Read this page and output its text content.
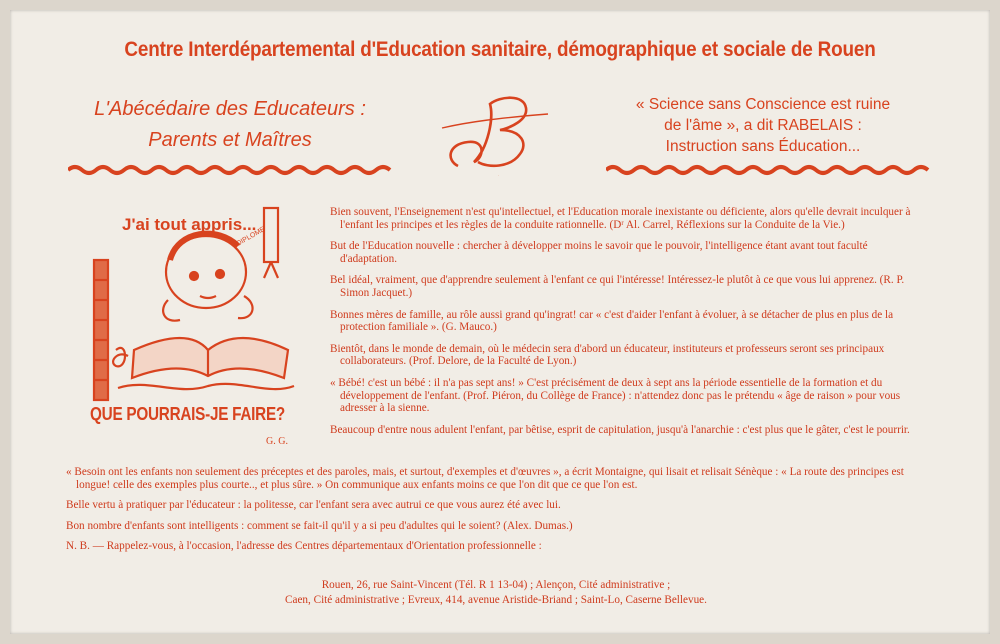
Centre Interdépartemental d'Education sanitaire, démographique et sociale de Rouen
L'Abécédaire des Educateurs :
Parents et Maîtres
B
« Science sans Conscience est ruine
de l'âme », a dit RABELAIS :
Instruction sans Éducation...
J'ai tout appris...
DIPLOME
QUE POURRAIS-JE FAIRE?
G. G.

Bien souvent, l'Enseignement n'est qu'intellectuel, et l'Education morale inexistante ou déficiente, alors qu'elle devrait inculquer à l'enfant les principes et les règles de la conduite rationnelle. (Dʳ Al. Carrel, Réflexions sur la Conduite de la Vie.)

But de l'Education nouvelle : chercher à développer moins le savoir que le pouvoir, l'intelligence étant avant tout faculté d'adaptation.

Bel idéal, vraiment, que d'apprendre seulement à l'enfant ce qui l'intéresse! Intéressez-le plutôt à ce que vous lui apprenez. (R. P. Simon Jacquet.)

Bonnes mères de famille, au rôle aussi grand qu'ingrat! car « c'est d'aider l'enfant à évoluer, à se détacher de plus en plus de la protection familiale ». (G. Mauco.)

Bientôt, dans le monde de demain, où le médecin sera d'abord un éducateur, instituteurs et professeurs seront ses principaux collaborateurs. (Prof. Delore, de la Faculté de Lyon.)

« Bébé! c'est un bébé : il n'a pas sept ans! » C'est précisément de deux à sept ans la période essentielle de la formation et du développement de l'enfant. (Prof. Piéron, du Collège de France) : n'attendez donc pas le prétendu « âge de raison » pour vous adresser à la sienne.

Beaucoup d'entre nous adulent l'enfant, par bêtise, esprit de capitulation, jusqu'à l'anarchie : c'est plus que le gâter, c'est le pourrir.

« Besoin ont les enfants non seulement des préceptes et des paroles, mais, et surtout, d'exemples et d'œuvres », a écrit Montaigne, qui lisait et relisait Sénèque : « La route des principes est longue! celle des exemples plus courte.., et plus sûre. » On communique aux enfants moins ce que l'on dit que ce que l'on est.

Belle vertu à pratiquer par l'éducateur : la politesse, car l'enfant sera avec autrui ce que vous aurez été avec lui.

Bon nombre d'enfants sont intelligents : comment se fait-il qu'il y a si peu d'adultes qui le soient? (Alex. Dumas.)

N. B. — Rappelez-vous, à l'occasion, l'adresse des Centres départementaux d'Orientation professionnelle :

Rouen, 26, rue Saint-Vincent (Tél. R 1 13-04) ; Alençon, Cité administrative ;
Caen, Cité administrative ; Evreux, 414, avenue Aristide-Briand ; Saint-Lo, Caserne Bellevue.
